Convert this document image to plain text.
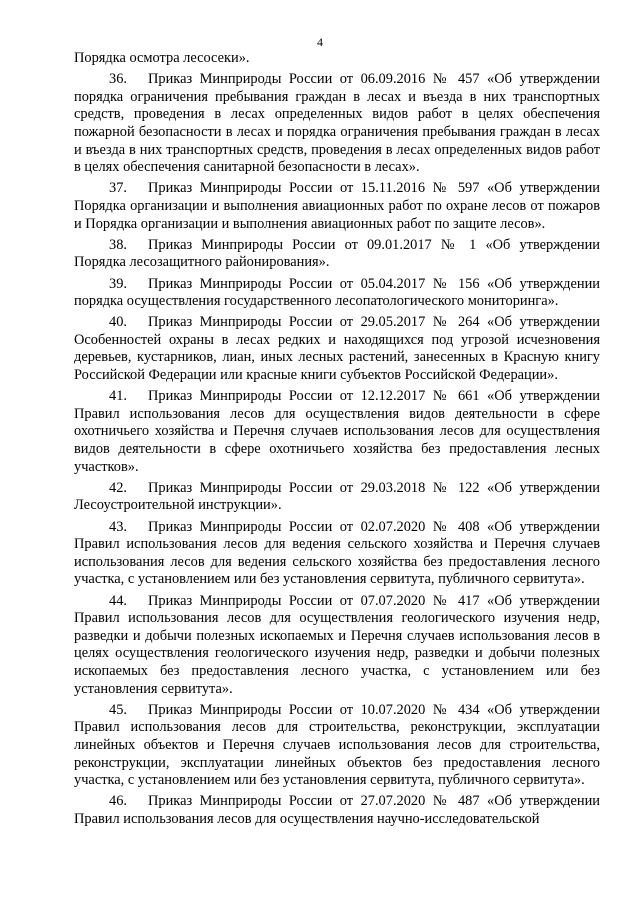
4

Порядка осмотра лесосеки».

36. Приказ Минприроды России от 06.09.2016 № 457 «Об утверждении порядка ограничения пребывания граждан в лесах и въезда в них транспортных средств, проведения в лесах определенных видов работ в целях обеспечения пожарной безопасности в лесах и порядка ограничения пребывания граждан в лесах и въезда в них транспортных средств, проведения в лесах определенных видов работ в целях обеспечения санитарной безопасности в лесах».

37. Приказ Минприроды России от 15.11.2016 № 597 «Об утверждении Порядка организации и выполнения авиационных работ по охране лесов от пожаров и Порядка организации и выполнения авиационных работ по защите лесов».

38. Приказ Минприроды России от 09.01.2017 № 1 «Об утверждении Порядка лесозащитного районирования».

39. Приказ Минприроды России от 05.04.2017 № 156 «Об утверждении порядка осуществления государственного лесопатологического мониторинга».

40. Приказ Минприроды России от 29.05.2017 № 264 «Об утверждении Особенностей охраны в лесах редких и находящихся под угрозой исчезновения деревьев, кустарников, лиан, иных лесных растений, занесенных в Красную книгу Российской Федерации или красные книги субъектов Российской Федерации».

41. Приказ Минприроды России от 12.12.2017 № 661 «Об утверждении Правил использования лесов для осуществления видов деятельности в сфере охотничьего хозяйства и Перечня случаев использования лесов для осуществления видов деятельности в сфере охотничьего хозяйства без предоставления лесных участков».

42. Приказ Минприроды России от 29.03.2018 № 122 «Об утверждении Лесоустроительной инструкции».

43. Приказ Минприроды России от 02.07.2020 № 408 «Об утверждении Правил использования лесов для ведения сельского хозяйства и Перечня случаев использования лесов для ведения сельского хозяйства без предоставления лесного участка, с установлением или без установления сервитута, публичного сервитута».

44. Приказ Минприроды России от 07.07.2020 № 417 «Об утверждении Правил использования лесов для осуществления геологического изучения недр, разведки и добычи полезных ископаемых и Перечня случаев использования лесов в целях осуществления геологического изучения недр, разведки и добычи полезных ископаемых без предоставления лесного участка, с установлением или без установления сервитута».

45. Приказ Минприроды России от 10.07.2020 № 434 «Об утверждении Правил использования лесов для строительства, реконструкции, эксплуатации линейных объектов и Перечня случаев использования лесов для строительства, реконструкции, эксплуатации линейных объектов без предоставления лесного участка, с установлением или без установления сервитута, публичного сервитута».

46. Приказ Минприроды России от 27.07.2020 № 487 «Об утверждении Правил использования лесов для осуществления научно-исследовательской
